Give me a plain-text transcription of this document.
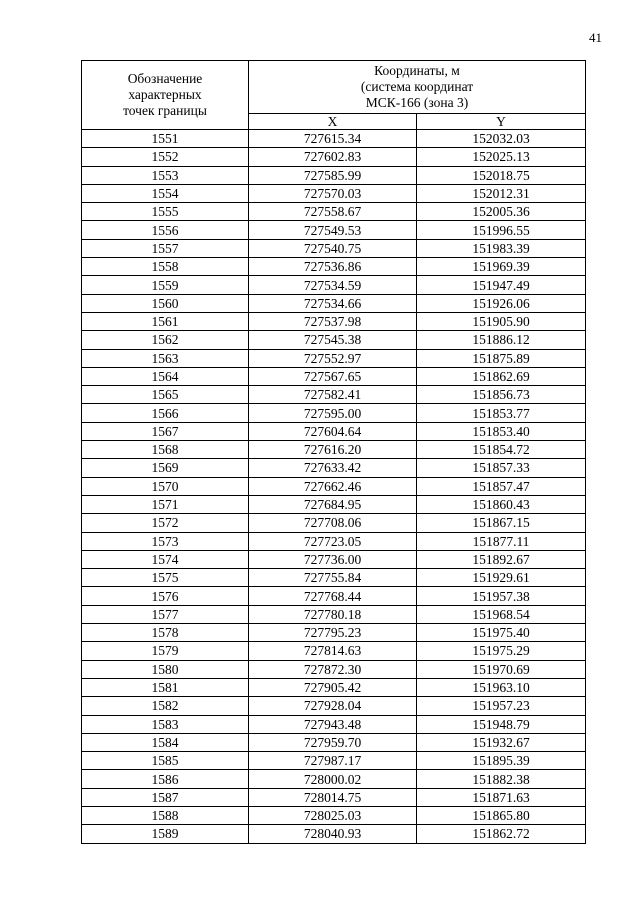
41
Обозначение
характерных
точек границы	Координаты, м
(система координат
МСК-166 (зона 3)	

	X	Y
1551	727615.34	152032.03
1552	727602.83	152025.13
1553	727585.99	152018.75
1554	727570.03	152012.31
1555	727558.67	152005.36
1556	727549.53	151996.55
1557	727540.75	151983.39
1558	727536.86	151969.39
1559	727534.59	151947.49
1560	727534.66	151926.06
1561	727537.98	151905.90
1562	727545.38	151886.12
1563	727552.97	151875.89
1564	727567.65	151862.69
1565	727582.41	151856.73
1566	727595.00	151853.77
1567	727604.64	151853.40
1568	727616.20	151854.72
1569	727633.42	151857.33
1570	727662.46	151857.47
1571	727684.95	151860.43
1572	727708.06	151867.15
1573	727723.05	151877.11
1574	727736.00	151892.67
1575	727755.84	151929.61
1576	727768.44	151957.38
1577	727780.18	151968.54
1578	727795.23	151975.40
1579	727814.63	151975.29
1580	727872.30	151970.69
1581	727905.42	151963.10
1582	727928.04	151957.23
1583	727943.48	151948.79
1584	727959.70	151932.67
1585	727987.17	151895.39
1586	728000.02	151882.38
1587	728014.75	151871.63
1588	728025.03	151865.80
1589	728040.93	151862.72
